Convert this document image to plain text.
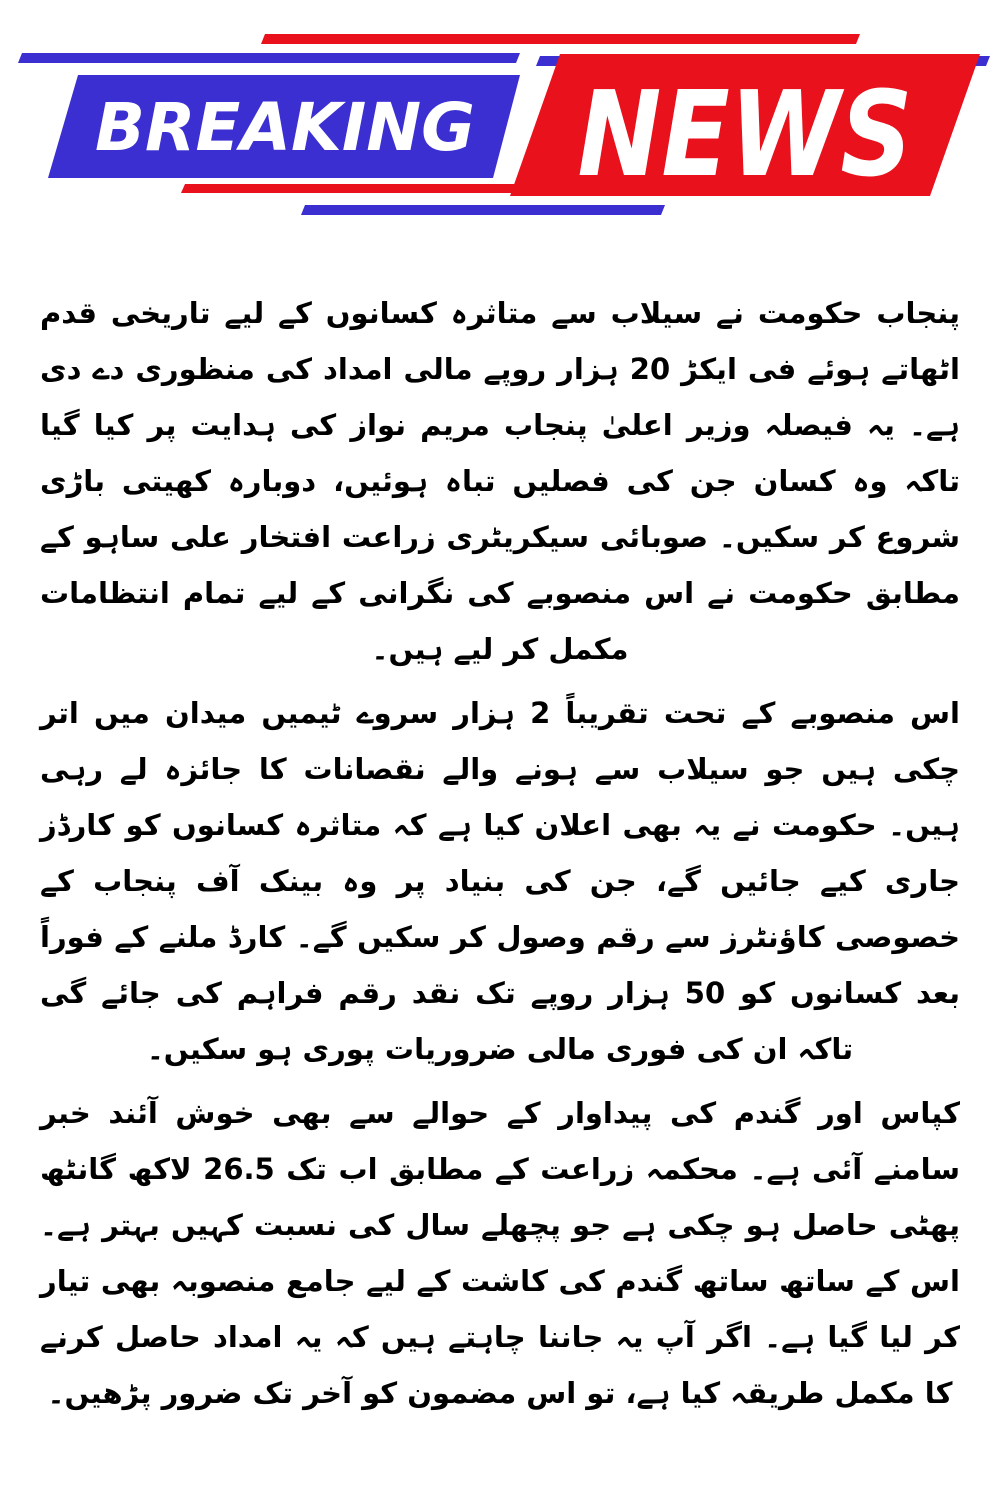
BREAKING NEWS

پنجاب حکومت نے سیلاب سے متاثرہ کسانوں کے لیے تاریخی قدم اٹھاتے ہوئے فی ایکڑ 20 ہزار روپے مالی امداد کی منظوری دے دی ہے۔ یہ فیصلہ وزیر اعلیٰ پنجاب مریم نواز کی ہدایت پر کیا گیا تاکہ وہ کسان جن کی فصلیں تباہ ہوئیں، دوبارہ کھیتی باڑی شروع کر سکیں۔ صوبائی سیکریٹری زراعت افتخار علی ساہو کے مطابق حکومت نے اس منصوبے کی نگرانی کے لیے تمام انتظامات مکمل کر لیے ہیں۔

اس منصوبے کے تحت تقریباً 2 ہزار سروے ٹیمیں میدان میں اتر چکی ہیں جو سیلاب سے ہونے والے نقصانات کا جائزہ لے رہی ہیں۔ حکومت نے یہ بھی اعلان کیا ہے کہ متاثرہ کسانوں کو کارڈز جاری کیے جائیں گے، جن کی بنیاد پر وہ بینک آف پنجاب کے خصوصی کاؤنٹرز سے رقم وصول کر سکیں گے۔ کارڈ ملنے کے فوراً بعد کسانوں کو 50 ہزار روپے تک نقد رقم فراہم کی جائے گی تاکہ ان کی فوری مالی ضروریات پوری ہو سکیں۔

کپاس اور گندم کی پیداوار کے حوالے سے بھی خوش آئند خبر سامنے آئی ہے۔ محکمہ زراعت کے مطابق اب تک 26.5 لاکھ گانٹھ پھٹی حاصل ہو چکی ہے جو پچھلے سال کی نسبت کہیں بہتر ہے۔ اس کے ساتھ ساتھ گندم کی کاشت کے لیے جامع منصوبہ بھی تیار کر لیا گیا ہے۔ اگر آپ یہ جاننا چاہتے ہیں کہ یہ امداد حاصل کرنے کا مکمل طریقہ کیا ہے، تو اس مضمون کو آخر تک ضرور پڑھیں۔
